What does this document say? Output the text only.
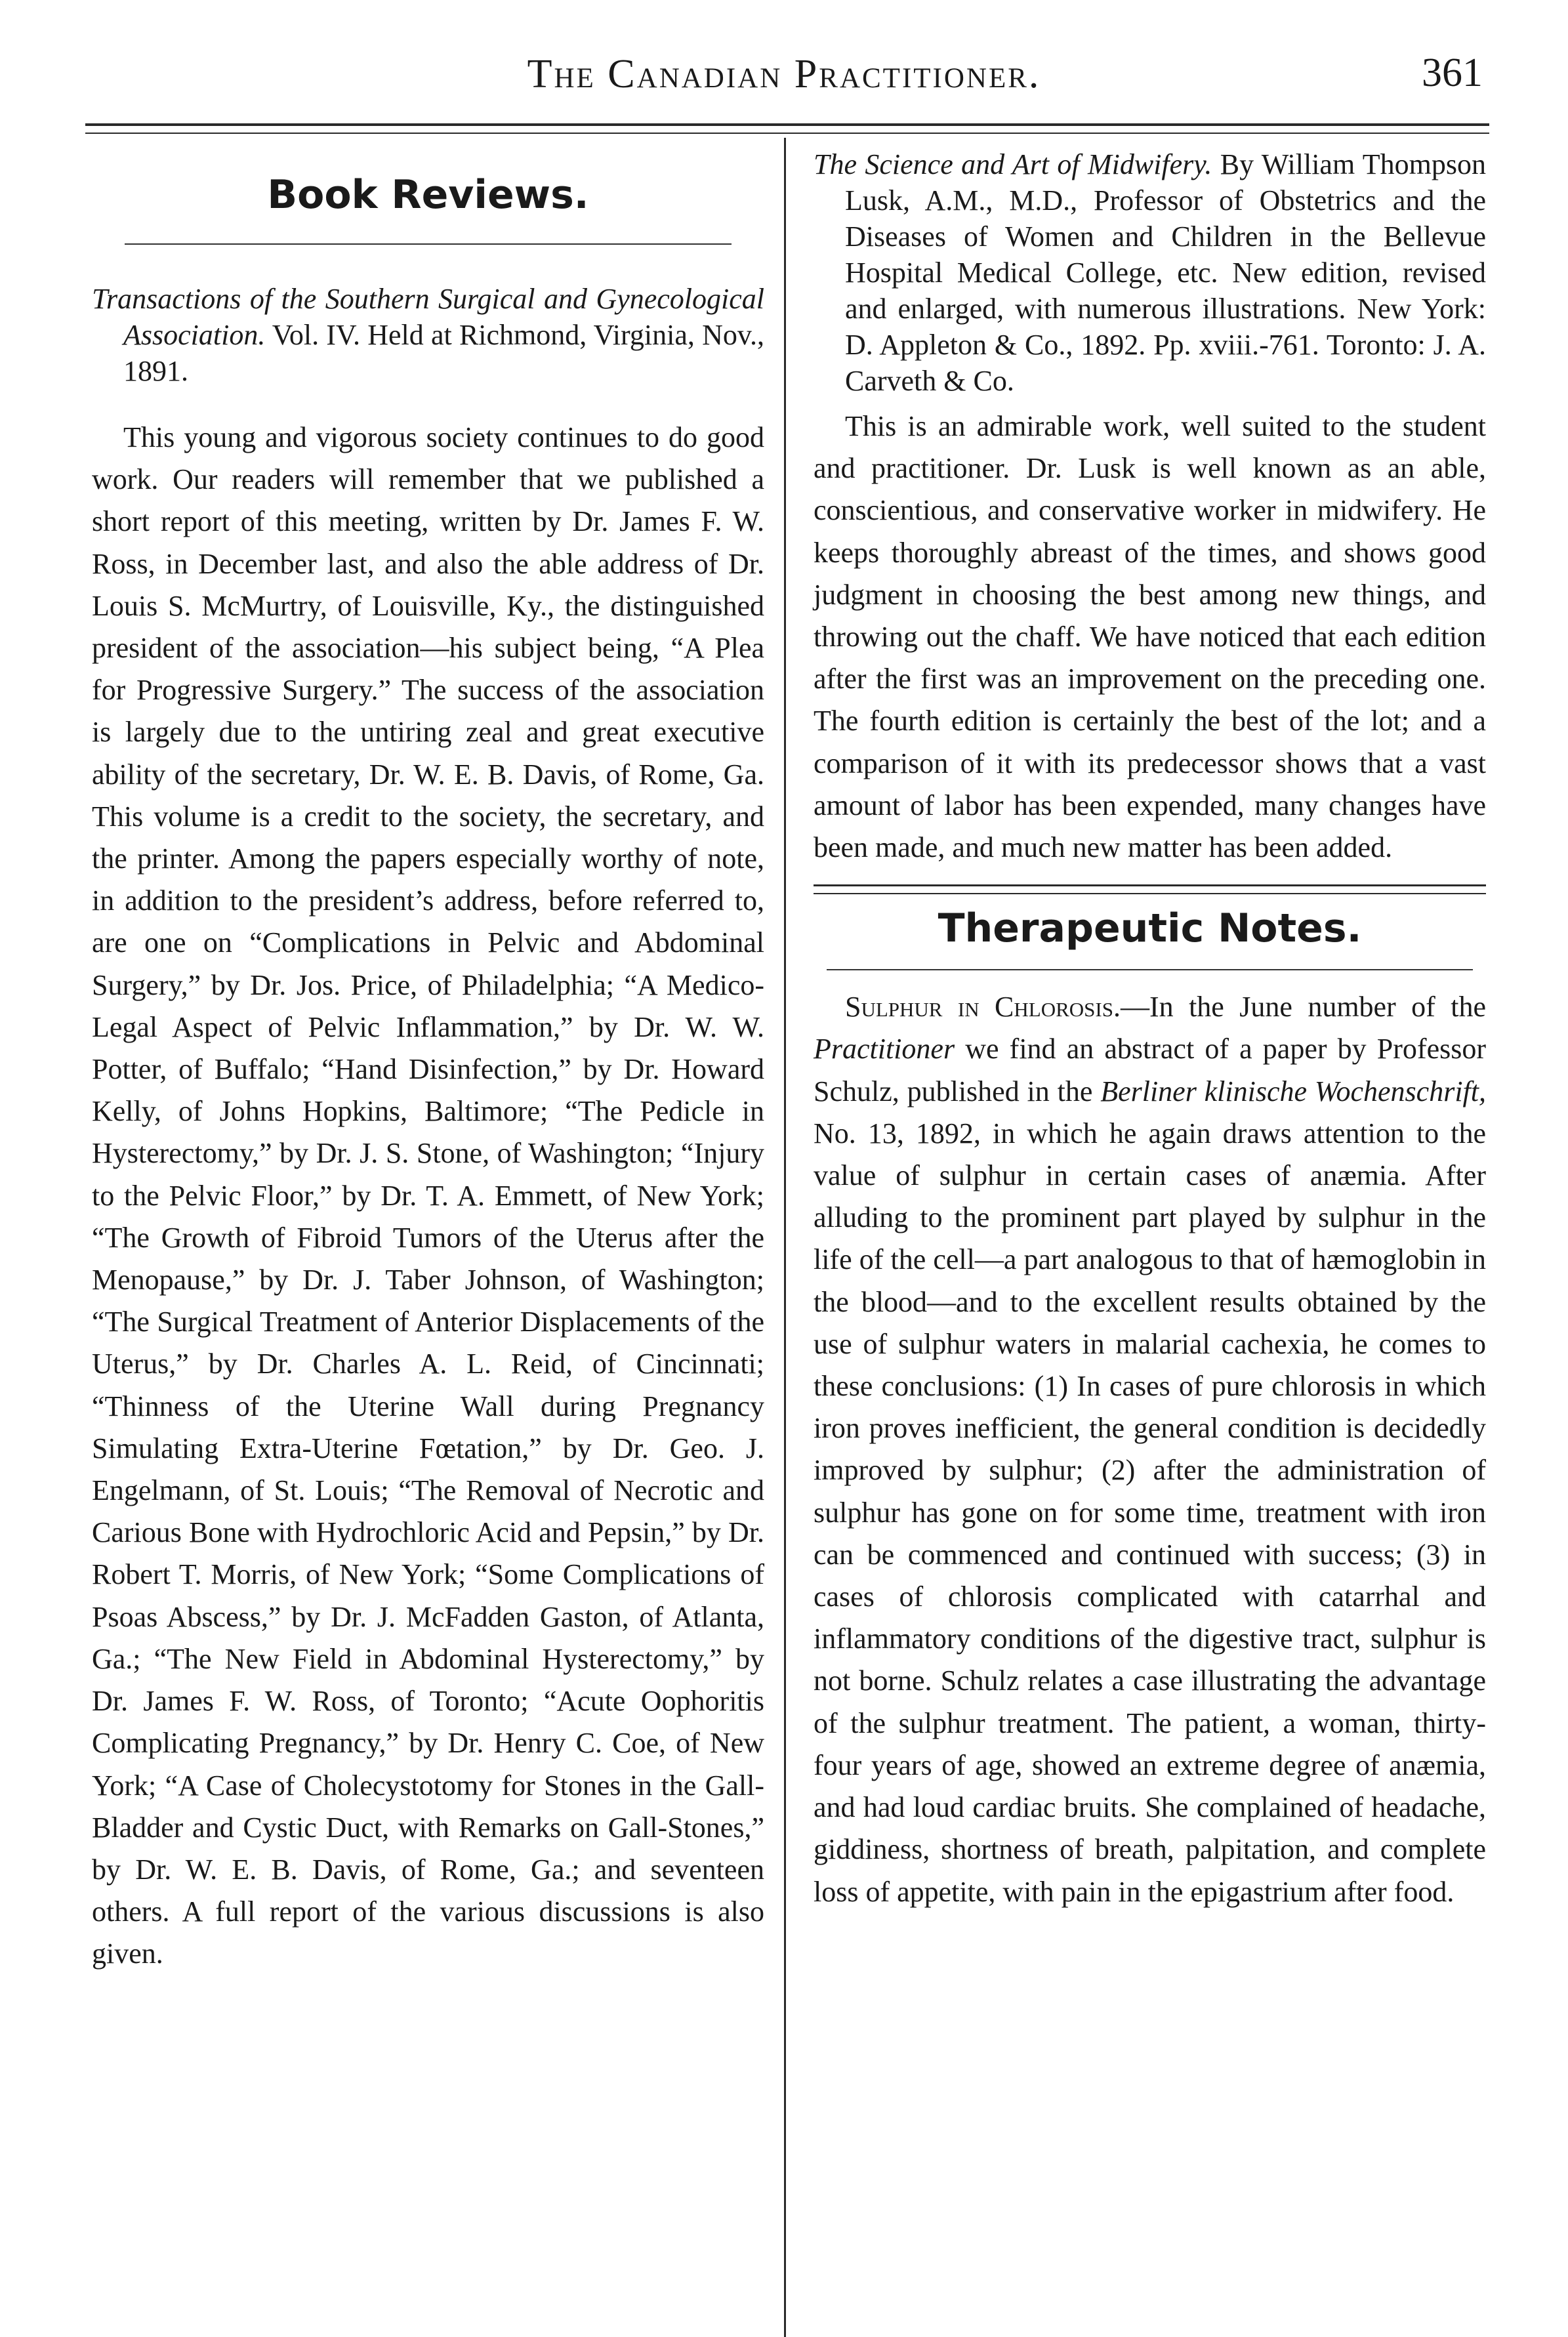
The Canadian Practitioner.	361
Book Reviews.

Transactions of the Southern Surgical and Gynecological Association. Vol. IV. Held at Richmond, Virginia, Nov., 1891.

This young and vigorous society continues to do good work. Our readers will remember that we published a short report of this meeting, written by Dr. James F. W. Ross, in December last, and also the able address of Dr. Louis S. McMurtry, of Louisville, Ky., the distinguished president of the association—his subject being, “A Plea for Progressive Surgery.” The success of the association is largely due to the untiring zeal and great executive ability of the secretary, Dr. W. E. B. Davis, of Rome, Ga. This volume is a credit to the society, the secretary, and the printer. Among the papers especially worthy of note, in addition to the president’s address, before referred to, are one on “Complications in Pelvic and Abdominal Surgery,” by Dr. Jos. Price, of Philadelphia; “A Medico-Legal Aspect of Pelvic Inflammation,” by Dr. W. W. Potter, of Buffalo; “Hand Disinfection,” by Dr. Howard Kelly, of Johns Hopkins, Baltimore; “The Pedicle in Hysterectomy,” by Dr. J. S. Stone, of Washington; “Injury to the Pelvic Floor,” by Dr. T. A. Emmett, of New York; “The Growth of Fibroid Tumors of the Uterus after the Menopause,” by Dr. J. Taber Johnson, of Washington; “The Surgical Treatment of Anterior Displacements of the Uterus,” by Dr. Charles A. L. Reid, of Cincinnati; “Thinness of the Uterine Wall during Pregnancy Simulating Extra-Uterine Fœtation,” by Dr. Geo. J. Engelmann, of St. Louis; “The Removal of Necrotic and Carious Bone with Hydrochloric Acid and Pepsin,” by Dr. Robert T. Morris, of New York; “Some Complications of Psoas Abscess,” by Dr. J. McFadden Gaston, of Atlanta, Ga.; “The New Field in Abdominal Hysterectomy,” by Dr. James F. W. Ross, of Toronto; “Acute Oophoritis Complicating Pregnancy,” by Dr. Henry C. Coe, of New York; “A Case of Cholecystotomy for Stones in the Gall-Bladder and Cystic Duct, with Remarks on Gall-Stones,” by Dr. W. E. B. Davis, of Rome, Ga.; and seventeen others. A full report of the various discussions is also given.

The Science and Art of Midwifery. By William Thompson Lusk, A.M., M.D., Professor of Obstetrics and the Diseases of Women and Children in the Bellevue Hospital Medical College, etc. New edition, revised and enlarged, with numerous illustrations. New York: D. Appleton & Co., 1892. Pp. xviii.-761. Toronto: J. A. Carveth & Co.

This is an admirable work, well suited to the student and practitioner. Dr. Lusk is well known as an able, conscientious, and conservative worker in midwifery. He keeps thoroughly abreast of the times, and shows good judgment in choosing the best among new things, and throwing out the chaff. We have noticed that each edition after the first was an improvement on the preceding one. The fourth edition is certainly the best of the lot; and a comparison of it with its predecessor shows that a vast amount of labor has been expended, many changes have been made, and much new matter has been added.

Therapeutic Notes.

Sulphur in Chlorosis.—In the June number of the Practitioner we find an abstract of a paper by Professor Schulz, published in the Berliner klinische Wochenschrift, No. 13, 1892, in which he again draws attention to the value of sulphur in certain cases of anæmia. After alluding to the prominent part played by sulphur in the life of the cell—a part analogous to that of hæmoglobin in the blood—and to the excellent results obtained by the use of sulphur waters in malarial cachexia, he comes to these conclusions: (1) In cases of pure chlorosis in which iron proves inefficient, the general condition is decidedly improved by sulphur; (2) after the administration of sulphur has gone on for some time, treatment with iron can be commenced and continued with success; (3) in cases of chlorosis complicated with catarrhal and inflammatory conditions of the digestive tract, sulphur is not borne. Schulz relates a case illustrating the advantage of the sulphur treatment. The patient, a woman, thirty-four years of age, showed an extreme degree of anæmia, and had loud cardiac bruits. She complained of headache, giddiness, shortness of breath, palpitation, and complete loss of appetite, with pain in the epigastrium after food.
